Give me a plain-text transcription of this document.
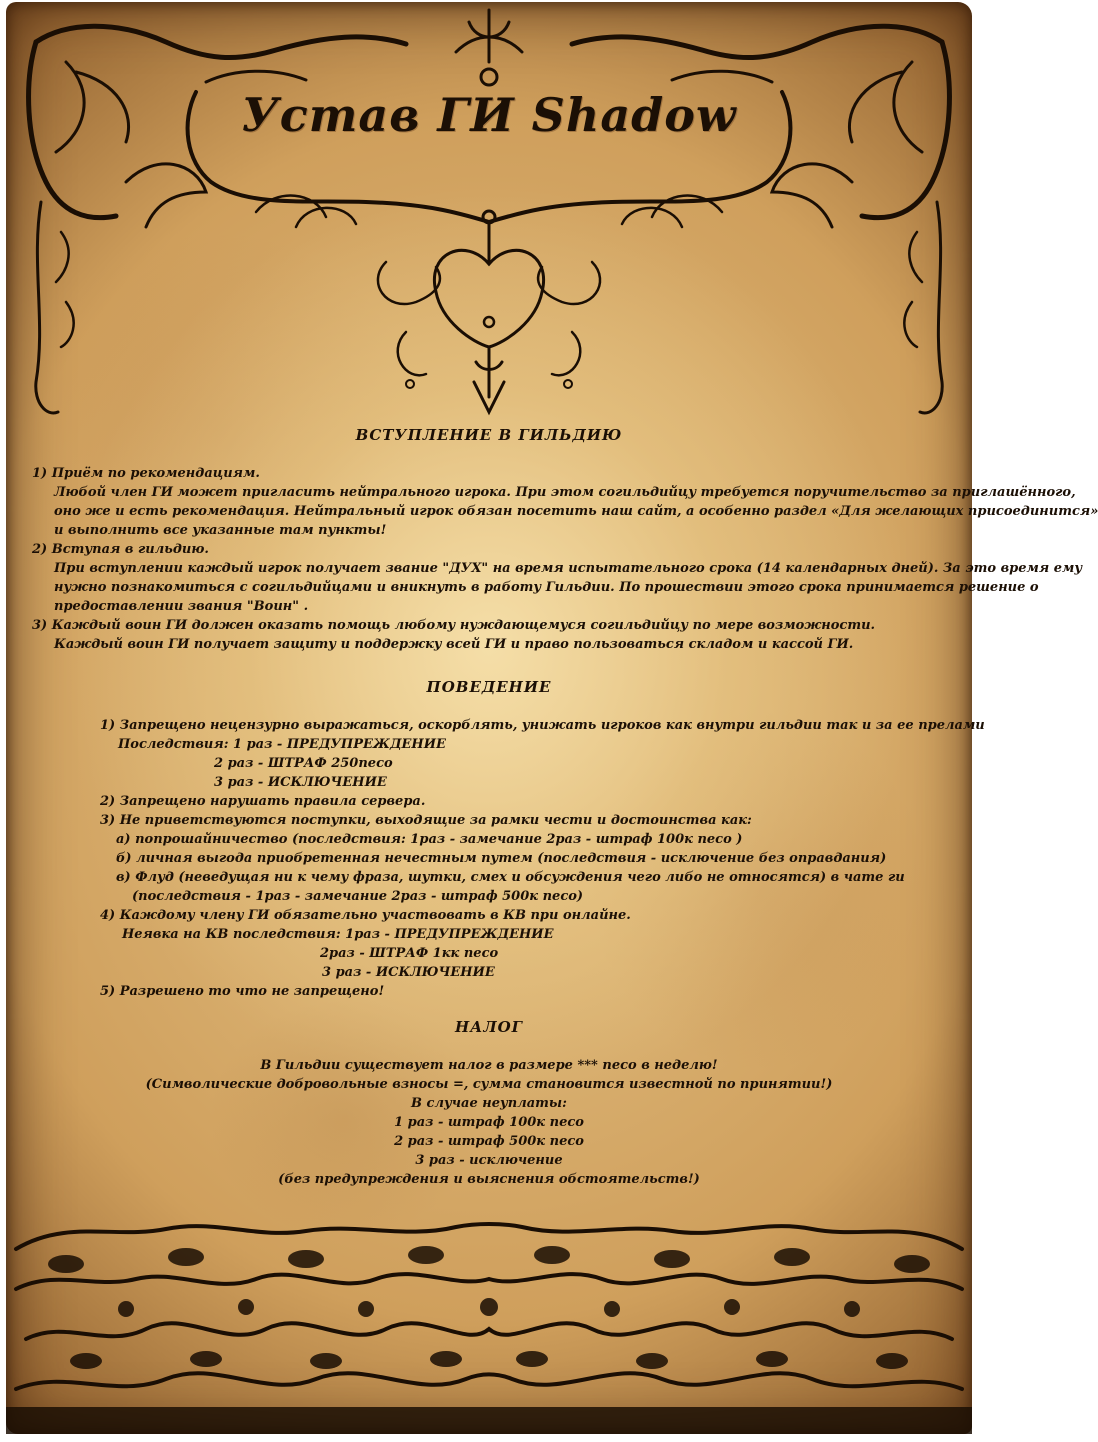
Устав ГИ Shadow
ВСТУПЛЕНИЕ В ГИЛЬДИЮ
1) Приём по рекомендациям.
Любой член ГИ может пригласить нейтрального игрока. При этом согильдийцу требуется поручительство за приглашённого,
оно же и есть рекомендация. Нейтральный игрок обязан посетить наш сайт, а особенно раздел «Для желающих присоединится»
и выполнить все указанные там пункты!
2) Вступая в гильдию.
При вступлении каждый игрок получает звание "ДУХ" на время испытательного срока (14 календарных дней). За это время ему
нужно познакомиться с согильдийцами и вникнуть в работу Гильдии. По прошествии этого срока принимается решение о
предоставлении звания "Воин" .
3) Каждый воин ГИ должен оказать помощь любому нуждающемуся согильдийцу по мере возможности.
Каждый воин ГИ получает защиту и поддержку всей ГИ и право пользоваться складом и кассой ГИ.
ПОВЕДЕНИЕ
1) Запрещено нецензурно выражаться, оскорблять, унижать игроков как внутри гильдии так и за ее прелами
Последствия: 1 раз - ПРЕДУПРЕЖДЕНИЕ
2 раз - ШТРАФ 250песо
3 раз - ИСКЛЮЧЕНИЕ
2) Запрещено нарушать правила сервера.
3) Не приветствуются поступки, выходящие за рамки чести и достоинства как:
а) попрошайничество (последствия: 1раз - замечание 2раз - штраф 100к песо )
б) личная выгода приобретенная нечестным путем (последствия - исключение без оправдания)
в) Флуд (неведущая ни к чему фраза, шутки, смех и обсуждения чего либо не относятся) в чате ги
(последствия - 1раз - замечание 2раз - штраф 500к песо)
4) Каждому члену ГИ обязательно участвовать в КВ при онлайне.
Неявка на КВ последствия: 1раз - ПРЕДУПРЕЖДЕНИЕ
2раз - ШТРАФ 1кк песо
3 раз - ИСКЛЮЧЕНИЕ
5) Разрешено то что не запрещено!
НАЛОГ
В Гильдии существует налог в размере *** песо в неделю!
(Символические добровольные взносы =, сумма становится известной по принятии!)
В случае неуплаты:
1 раз - штраф 100к песо
2 раз - штраф 500к песо
3 раз - исключение
(без предупреждения и выяснения обстоятельств!)
